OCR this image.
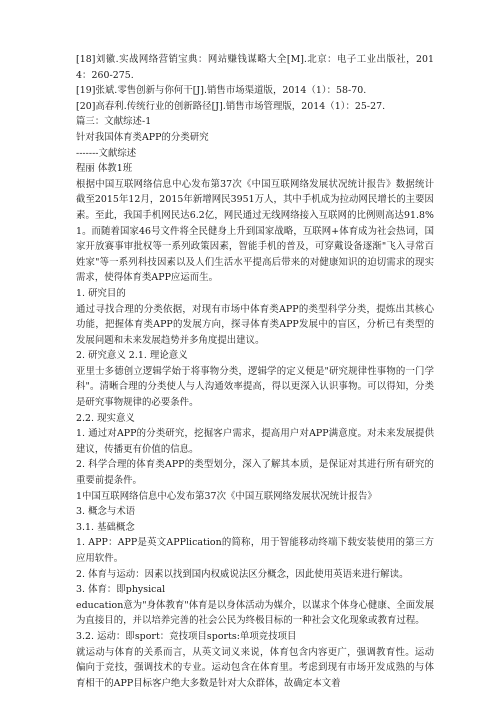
[18]刘徽.实战网络营销宝典：网站赚钱谋略大全[M].北京：电子工业出版社，2014：260-275.

[19]张斌.零售创新与你何干[J].销售市场渠道版，2014（1）：58-70.

[20]高春利.传统行业的创新路径[J].销售市场管理版，2014（1）：25-27.

篇三：文献综述-1

针对我国体育类APP的分类研究

-------文献综述

程丽 体教1班

根据中国互联网络信息中心发布第37次《中国互联网络发展状况统计报告》数据统计截至2015年12月，2015年新增网民3951万人，其中手机成为拉动网民增长的主要因素。至此，我国手机网民达6.2亿，网民通过无线网络接入互联网的比例则高达91.8%1。而随着国家46号文件将全民健身上升到国家战略，互联网+体育成为社会热词，国家开放赛事审批权等一系列政策因素，智能手机的普及，可穿戴设备逐渐"飞入寻常百姓家"等一系列科技因素以及人们生活水平提高后带来的对健康知识的迫切需求的现实需求，使得体育类APP应运而生。

1. 研究目的

通过寻找合理的分类依据，对现有市场中体育类APP的类型科学分类，提炼出其核心功能，把握体育类APP的发展方向，探寻体育类APP发展中的盲区，分析已有类型的发展问题和未来发展趋势并多角度提出建议。

2. 研究意义 2.1. 理论意义

亚里士多德创立逻辑学始于将事物分类，逻辑学的定义便是"研究规律性事物的一门学科"。清晰合理的分类使人与人沟通效率提高，得以更深入认识事物。可以得知，分类是研究事物规律的必要条件。

2.2. 现实意义

1. 通过对APP的分类研究，挖掘客户需求，提高用户对APP满意度。对未来发展提供建议，传播更有价值的信息。

2. 科学合理的体育类APP的类型划分，深入了解其本质，是保证对其进行所有研究的重要前提条件。

1中国互联网络信息中心发布第37次《中国互联网络发展状况统计报告》

3. 概念与术语

3.1. 基础概念

1. APP：APP是英文APPlication的简称，用于智能移动终端下载安装使用的第三方应用软件。

2. 体育与运动：因素以找到国内权威说法区分概念，因此使用英语来进行解读。

3. 体育：即physical

education意为"身体教育"体育是以身体活动为媒介，以谋求个体身心健康、全面发展为直接目的，并以培养完善的社会公民为终极目标的一种社会文化现象或教育过程。

3.2. 运动：即sport：竞技项目sports:单项竞技项目

就运动与体育的关系而言，从英文词义来说，体育包含内容更广，强调教育性。运动偏向于竞技，强调技术的专业。运动包含在体育里。考虑到现有市场开发成熟的与体育相干的APP目标客户绝大多数是针对大众群体，故确定本文着
